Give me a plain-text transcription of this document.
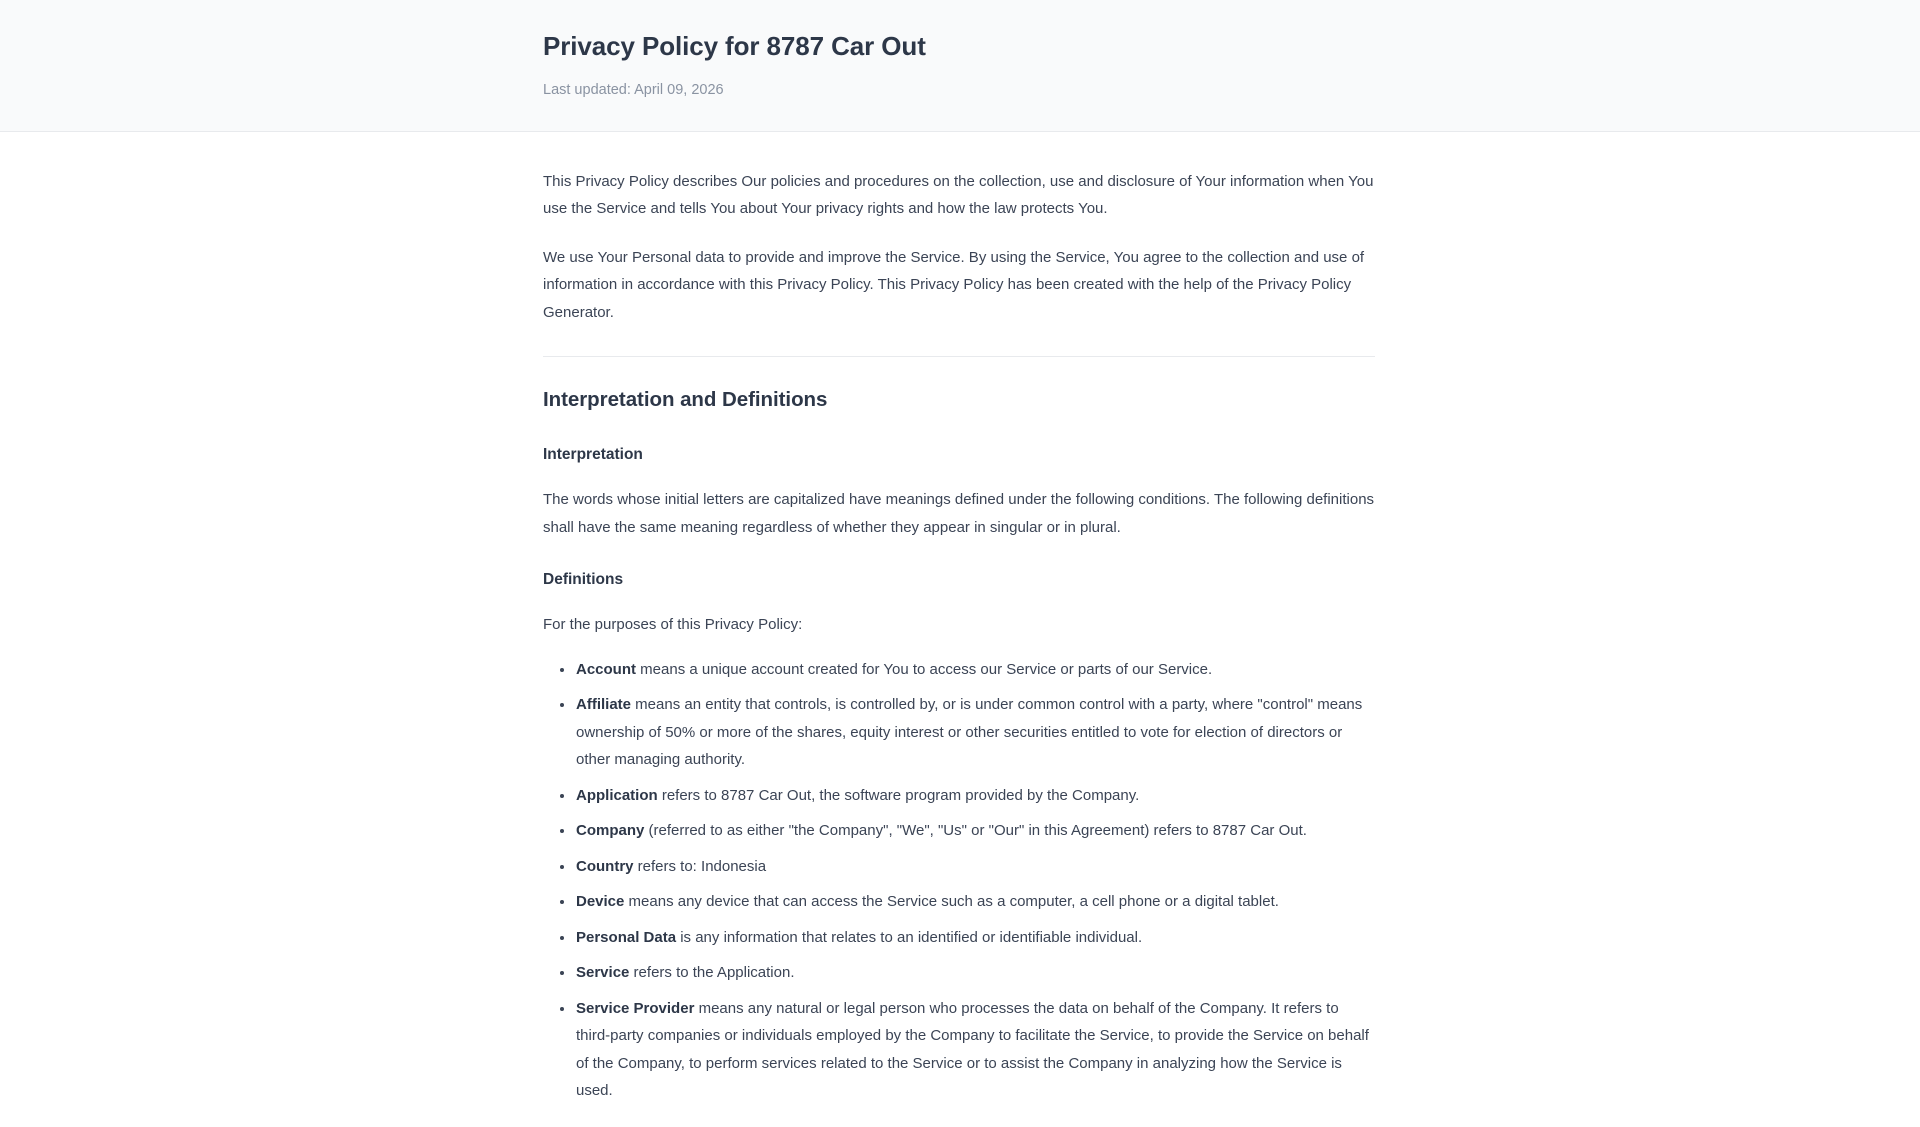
Privacy Policy for 8787 Car Out
Last updated: April 09, 2026

This Privacy Policy describes Our policies and procedures on the collection, use and disclosure of Your information when You use the Service and tells You about Your privacy rights and how the law protects You.

We use Your Personal data to provide and improve the Service. By using the Service, You agree to the collection and use of information in accordance with this Privacy Policy. This Privacy Policy has been created with the help of the Privacy Policy Generator.

Interpretation and Definitions
Interpretation

The words whose initial letters are capitalized have meanings defined under the following conditions. The following definitions shall have the same meaning regardless of whether they appear in singular or in plural.

Definitions

For the purposes of this Privacy Policy:

Account means a unique account created for You to access our Service or parts of our Service.
Affiliate means an entity that controls, is controlled by, or is under common control with a party, where "control" means ownership of 50% or more of the shares, equity interest or other securities entitled to vote for election of directors or other managing authority.
Application refers to 8787 Car Out, the software program provided by the Company.
Company (referred to as either "the Company", "We", "Us" or "Our" in this Agreement) refers to 8787 Car Out.
Country refers to: Indonesia
Device means any device that can access the Service such as a computer, a cell phone or a digital tablet.
Personal Data is any information that relates to an identified or identifiable individual.
Service refers to the Application.
Service Provider means any natural or legal person who processes the data on behalf of the Company. It refers to third-party companies or individuals employed by the Company to facilitate the Service, to provide the Service on behalf of the Company, to perform services related to the Service or to assist the Company in analyzing how the Service is used.
